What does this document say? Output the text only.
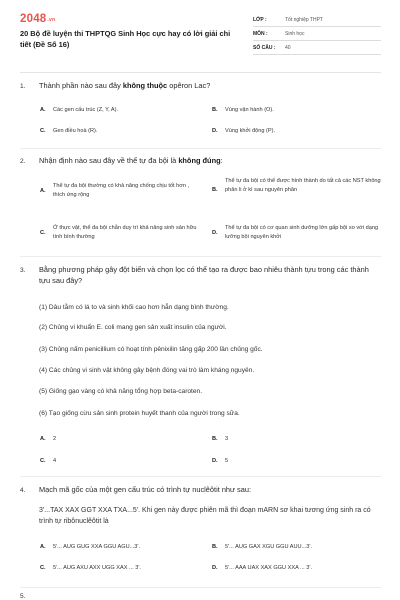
2048.vn
20 Bộ đề luyện thi THPTQG Sinh Học cực hay có lời giải chi tiết (Đề Số 16)
LỚP :	Tốt nghiệp THPT
MÔN :	Sinh học
SỐ CÂU : 40
1. Thành phần nào sau đây không thuộc opêron Lac?
A. Các gen cấu trúc (Z, Y, A).	B. Vùng vận hành (O).
C. Gen điều hoà (R).	D. Vùng khởi động (P).
2. Nhận định nào sau đây về thể tự đa bội là không đúng:
A.
Thể tự đa bội thường có khả năng chống chịu tốt hơn , thích ứng rộng
B.
Thể tự đa bội có thể được hình thành do tất cả các NST không phân li ở kì sau nguyên phân
C.
Ở thực vật, thể đa bội chẵn duy trì khả năng sinh sản hữu tính bình thường
D.
Thể tự đa bội có cơ quan sinh dưỡng lớn gấp bội so với dạng lưỡng bội nguyên khởi
3. Bằng phương pháp gây đột biến và chọn lọc có thể tạo ra được bao nhiêu thành tựu trong các thành tựu sau đây?
(1) Dâu tằm có lá to và sinh khối cao hơn hẳn dạng bình thường.
(2) Chủng vi khuẩn E. coli mang gen sản xuất insulin của người.
(3) Chủng nấm penicillium có hoạt tính pênixilin tăng gấp 200 lần chủng gốc.
(4) Các chủng vi sinh vật không gây bệnh đóng vai trò làm kháng nguyên.
(5) Giống gạo vàng có khả năng tổng hợp beta-caroten.
(6) Tạo giống cừu sản sinh protein huyết thanh của người trong sữa.
A. 2	B. 3
C. 4	D. 5
4. Mạch mã gốc của một gen cấu trúc có trình tự nuclêôtit như sau:
3'...TAX XAX GGT XXA TXA...5'. Khi gen này được phiên mã thì đoạn mARN sơ khai tương ứng sinh ra có trình tự ribônuclêôtit là
A. 5'... AUG GUG XXA GGU AGU...3'.	B. 5'... AUG GAX XGU GGU AUU...3'.
C. 5'... AUG AXU AXX UGG XAX ... 3'.	D. 5'... AAA UAX XAX GGU XXA ... 3'.
5.
